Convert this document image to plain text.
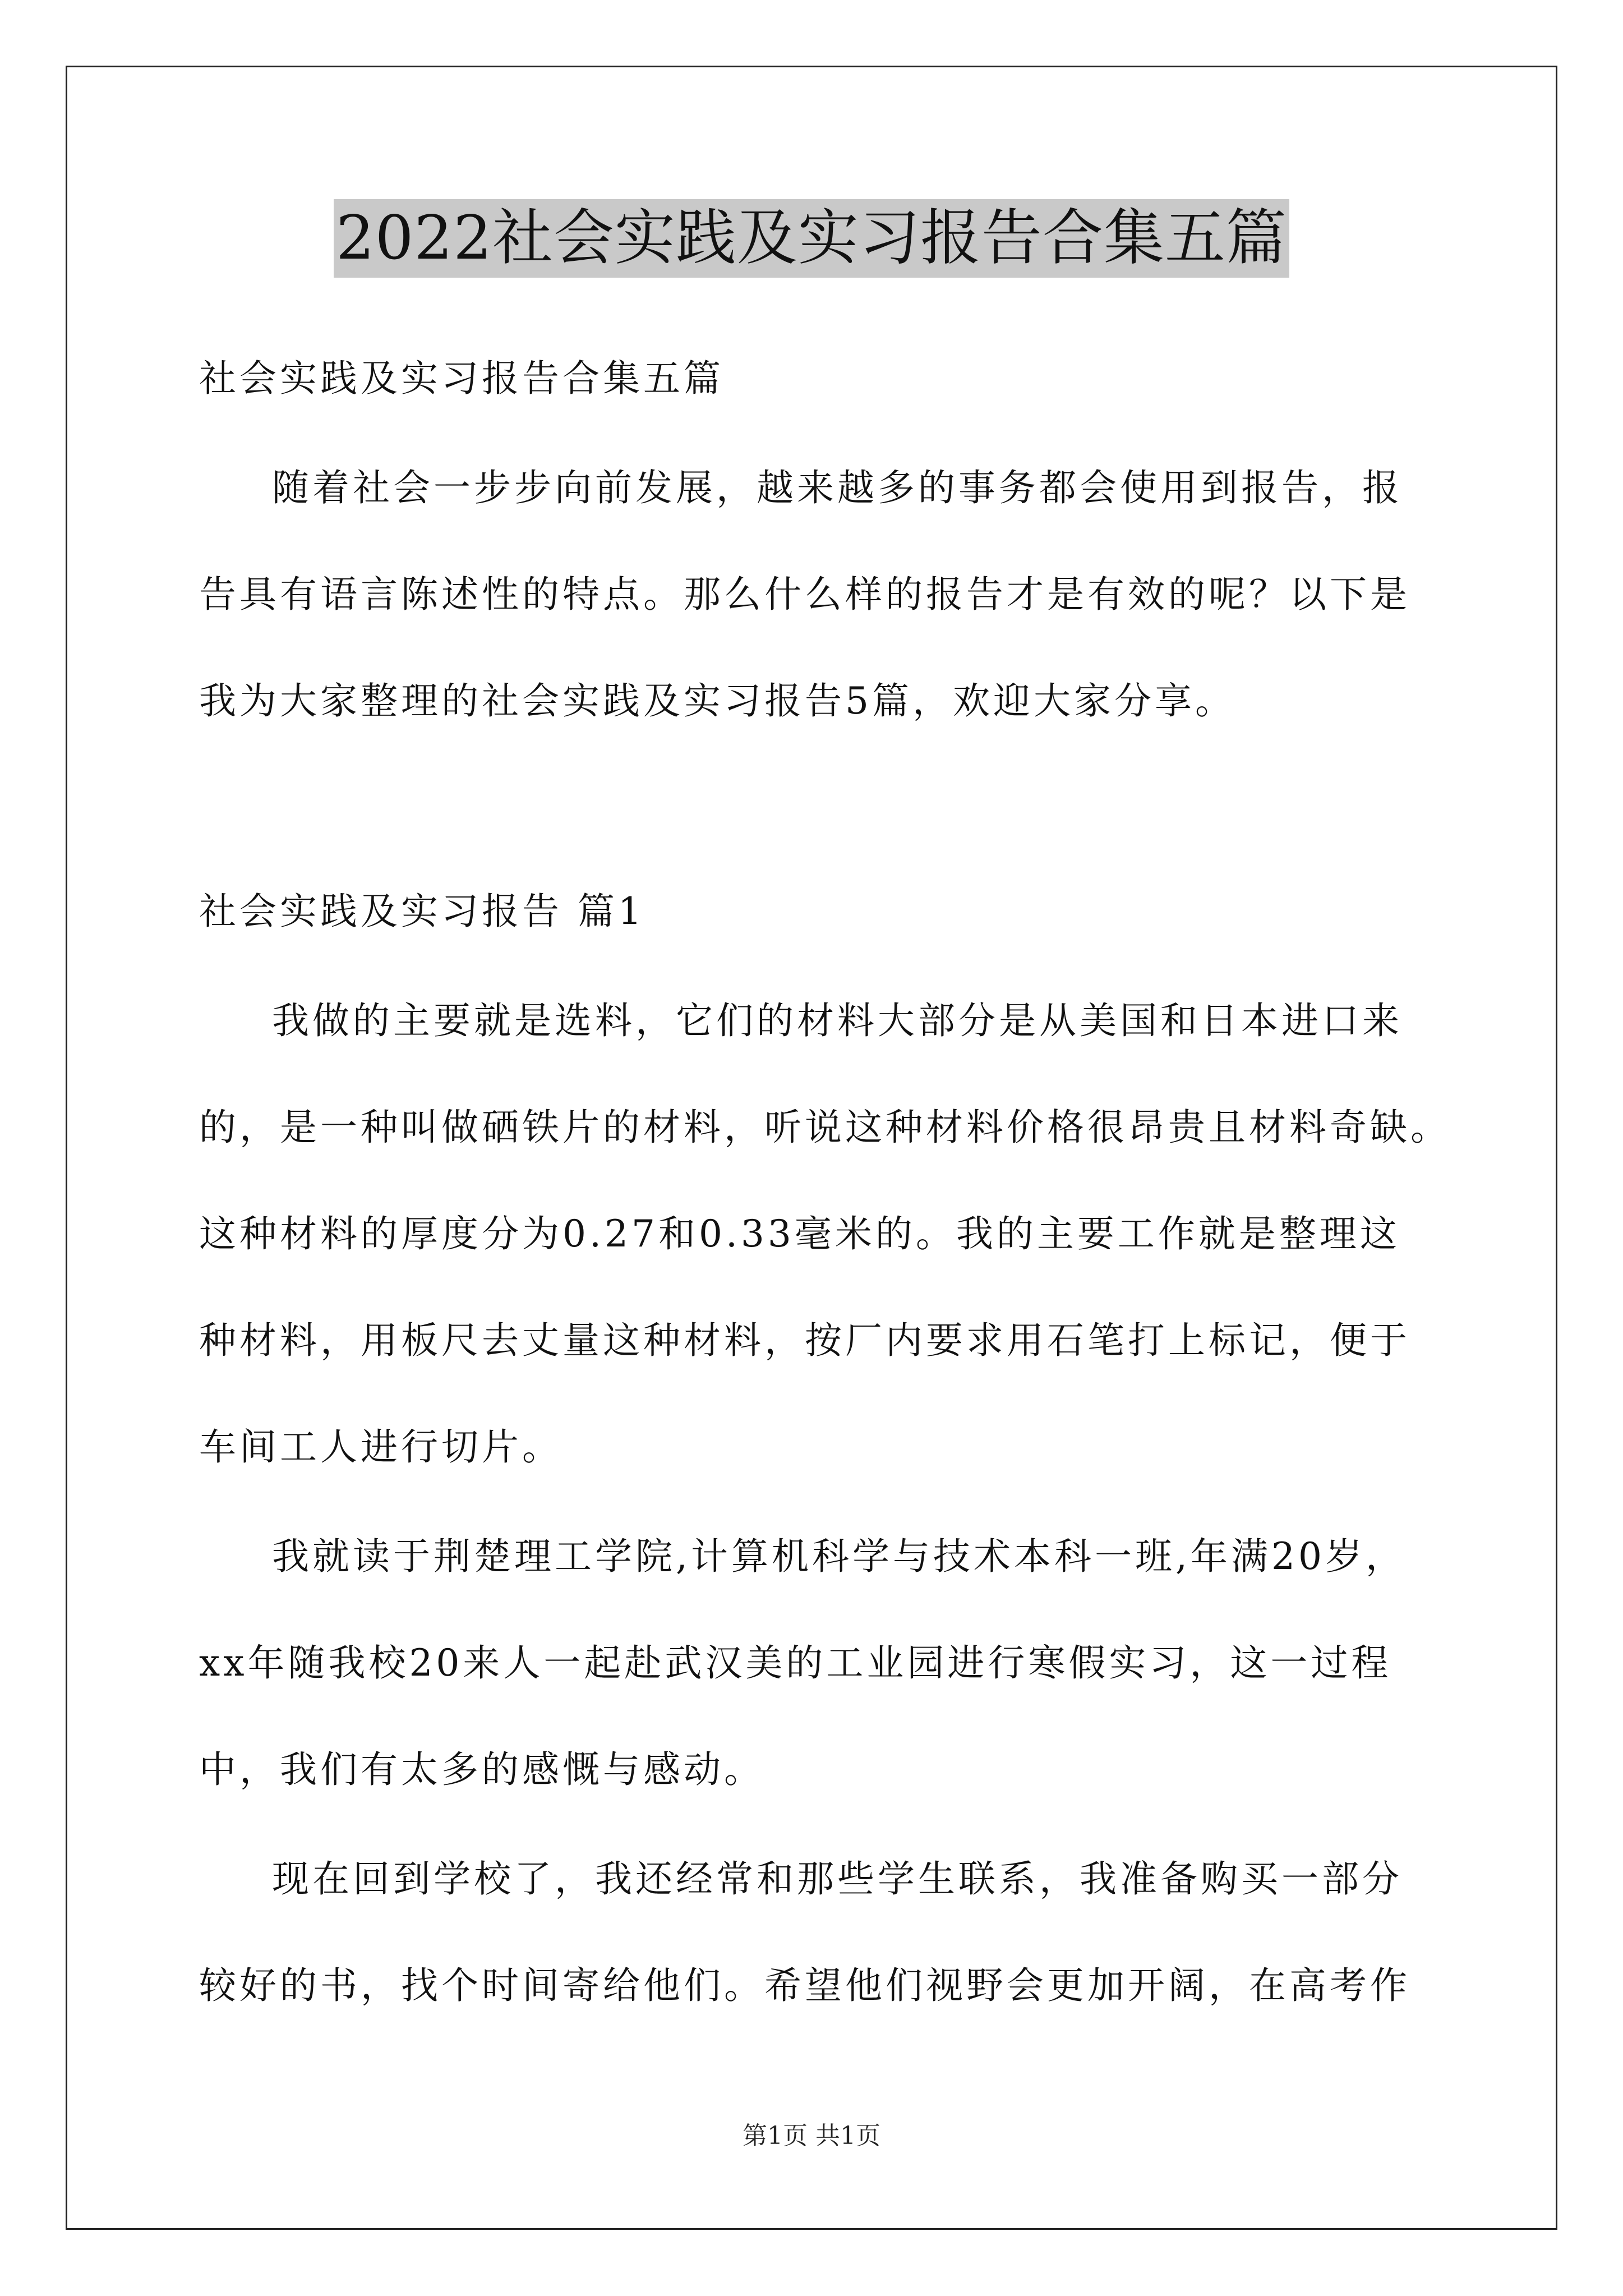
2022社会实践及实习报告合集五篇
社会实践及实习报告合集五篇
随着社会一步步向前发展，越来越多的事务都会使用到报告，报
告具有语言陈述性的特点。那么什么样的报告才是有效的呢？以下是
我为大家整理的社会实践及实习报告5篇，欢迎大家分享。
社会实践及实习报告 篇1
我做的主要就是选料，它们的材料大部分是从美国和日本进口来
的，是一种叫做硒铁片的材料，听说这种材料价格很昂贵且材料奇缺。
这种材料的厚度分为0.27和0.33毫米的。我的主要工作就是整理这
种材料，用板尺去丈量这种材料，按厂内要求用石笔打上标记，便于
车间工人进行切片。
我就读于荆楚理工学院,计算机科学与技术本科一班,年满20岁，
xx年随我校20来人一起赴武汉美的工业园进行寒假实习，这一过程
中，我们有太多的感慨与感动。
现在回到学校了，我还经常和那些学生联系，我准备购买一部分
较好的书，找个时间寄给他们。希望他们视野会更加开阔，在高考作
第1页 共1页
